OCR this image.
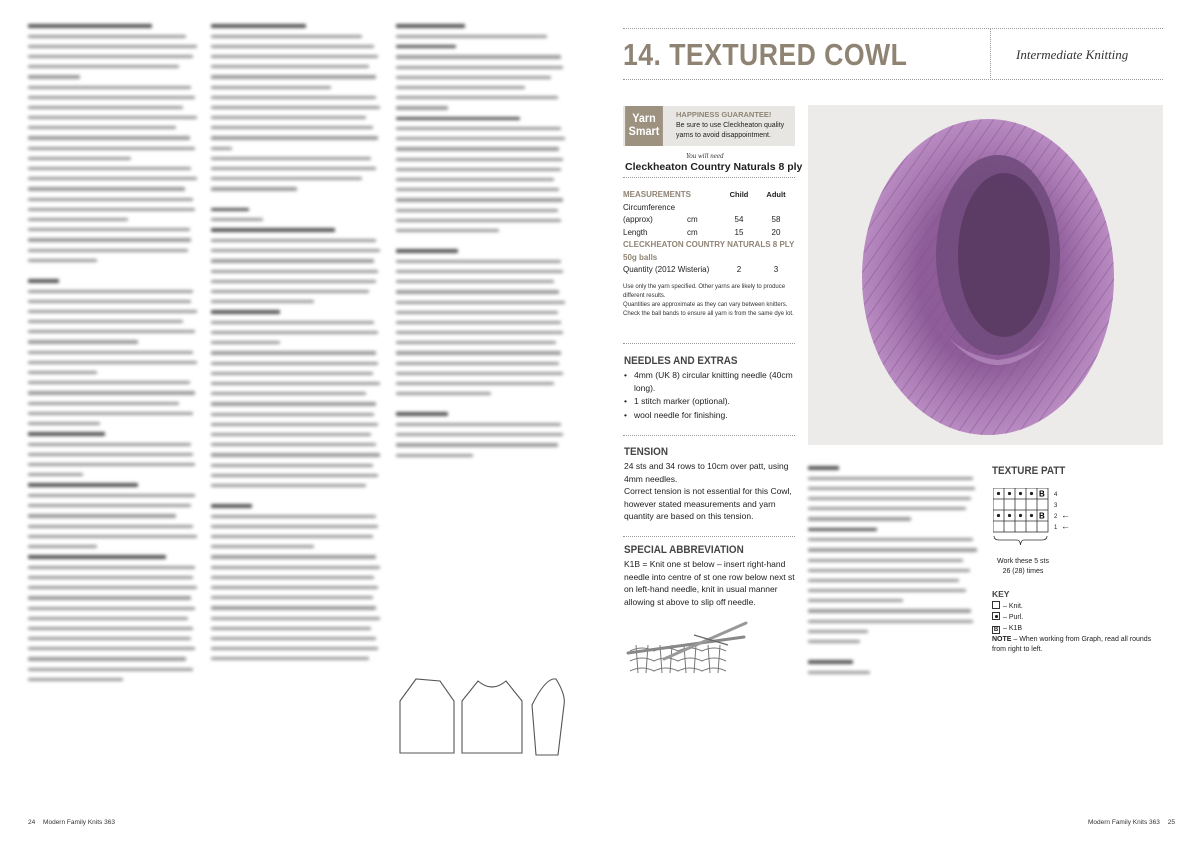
24 Modern Family Knits 363
14. TEXTURED COWL	Intermediate Knitting
Yarn Smart
HAPPINESS GUARANTEE!
Be sure to use Cleckheaton quality yarns to avoid disappointment.
You will need
Cleckheaton Country Naturals 8 ply
MEASUREMENTS	Child	Adult
Circumference
(approx)	cm	54	58
Length	cm	15	20
CLECKHEATON COUNTRY NATURALS 8 PLY
50g balls
Quantity (2012 Wisteria)	2	3
Use only the yarn specified. Other yarns are likely to produce different results.
Quantities are approximate as they can vary between knitters.
Check the ball bands to ensure all yarn is from the same dye lot.
NEEDLES AND EXTRAS
• 4mm (UK 8) circular knitting needle (40cm long).
• 1 stitch marker (optional).
• wool needle for finishing.
TENSION
24 sts and 34 rows to 10cm over patt, using 4mm needles.
Correct tension is not essential for this Cowl, however stated measurements and yarn quantity are based on this tension.
SPECIAL ABBREVIATION
K1B = Knit one st below – insert right-hand needle into centre of st one row below next st on left-hand needle, knit in usual manner allowing st above to slip off needle.
TEXTURE PATT
B
B
4
3
2
1
←
←
Work these 5 sts 26 (28) times
KEY
– Knit.
– Purl.
B – K1B
NOTE – When working from Graph, read all rounds from right to left.
Modern Family Knits 363 25
